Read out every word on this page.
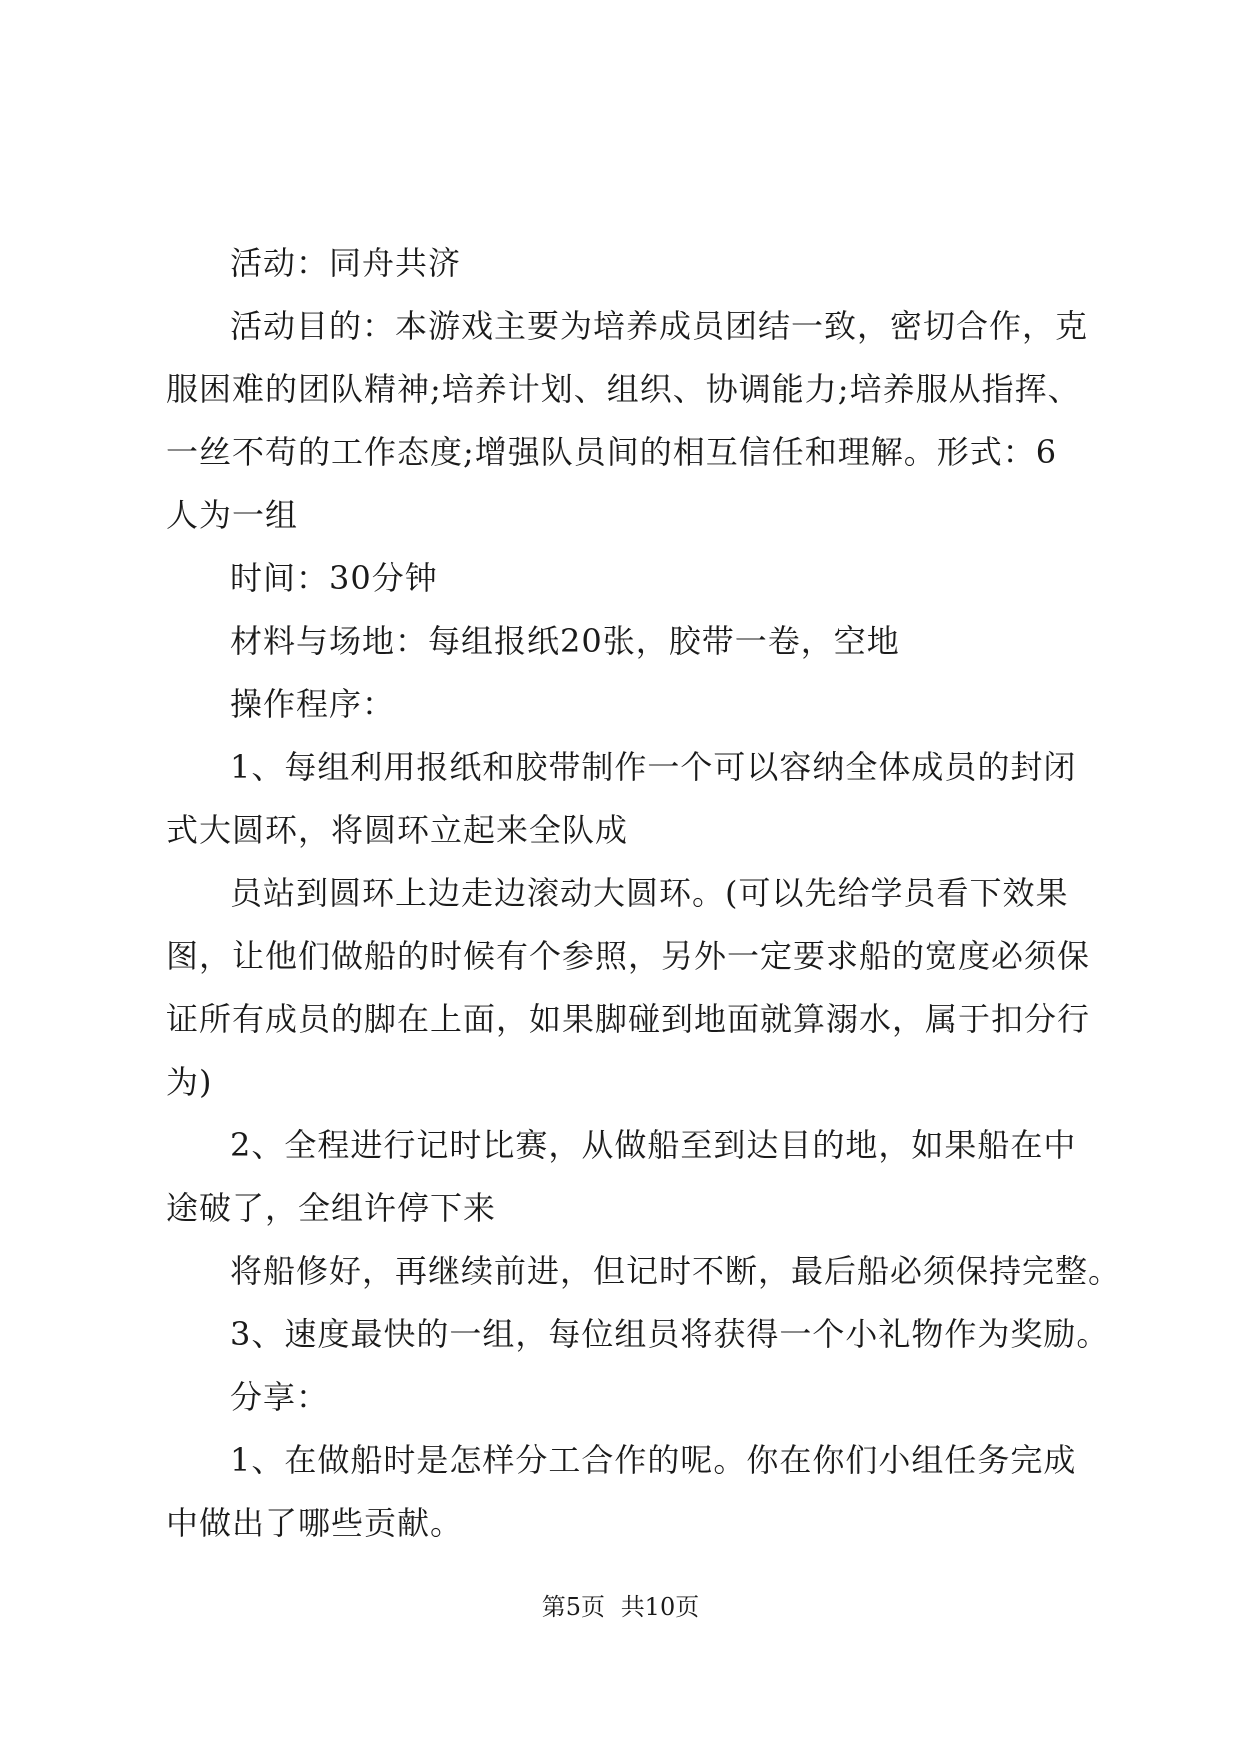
活动：同舟共济

活动目的：本游戏主要为培养成员团结一致，密切合作，克

服困难的团队精神;培养计划、组织、协调能力;培养服从指挥、

一丝不苟的工作态度;增强队员间的相互信任和理解。形式：6

人为一组

时间：30分钟

材料与场地：每组报纸20张，胶带一卷，空地

操作程序：

1、每组利用报纸和胶带制作一个可以容纳全体成员的封闭

式大圆环，将圆环立起来全队成

员站到圆环上边走边滚动大圆环。(可以先给学员看下效果

图，让他们做船的时候有个参照，另外一定要求船的宽度必须保

证所有成员的脚在上面，如果脚碰到地面就算溺水，属于扣分行

为)

2、全程进行记时比赛，从做船至到达目的地，如果船在中

途破了，全组许停下来

将船修好，再继续前进，但记时不断，最后船必须保持完整。

3、速度最快的一组，每位组员将获得一个小礼物作为奖励。

分享：

1、在做船时是怎样分工合作的呢。你在你们小组任务完成

中做出了哪些贡献。

第5页 共10页
